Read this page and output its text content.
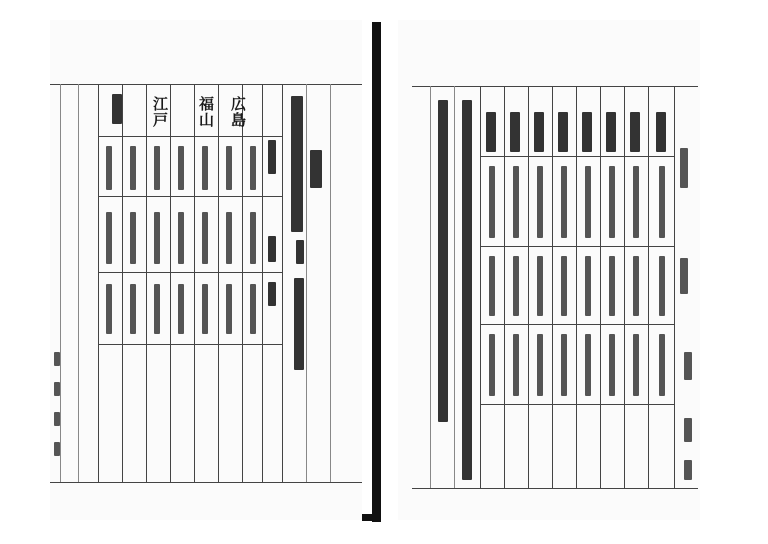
広島
福山
江戸
